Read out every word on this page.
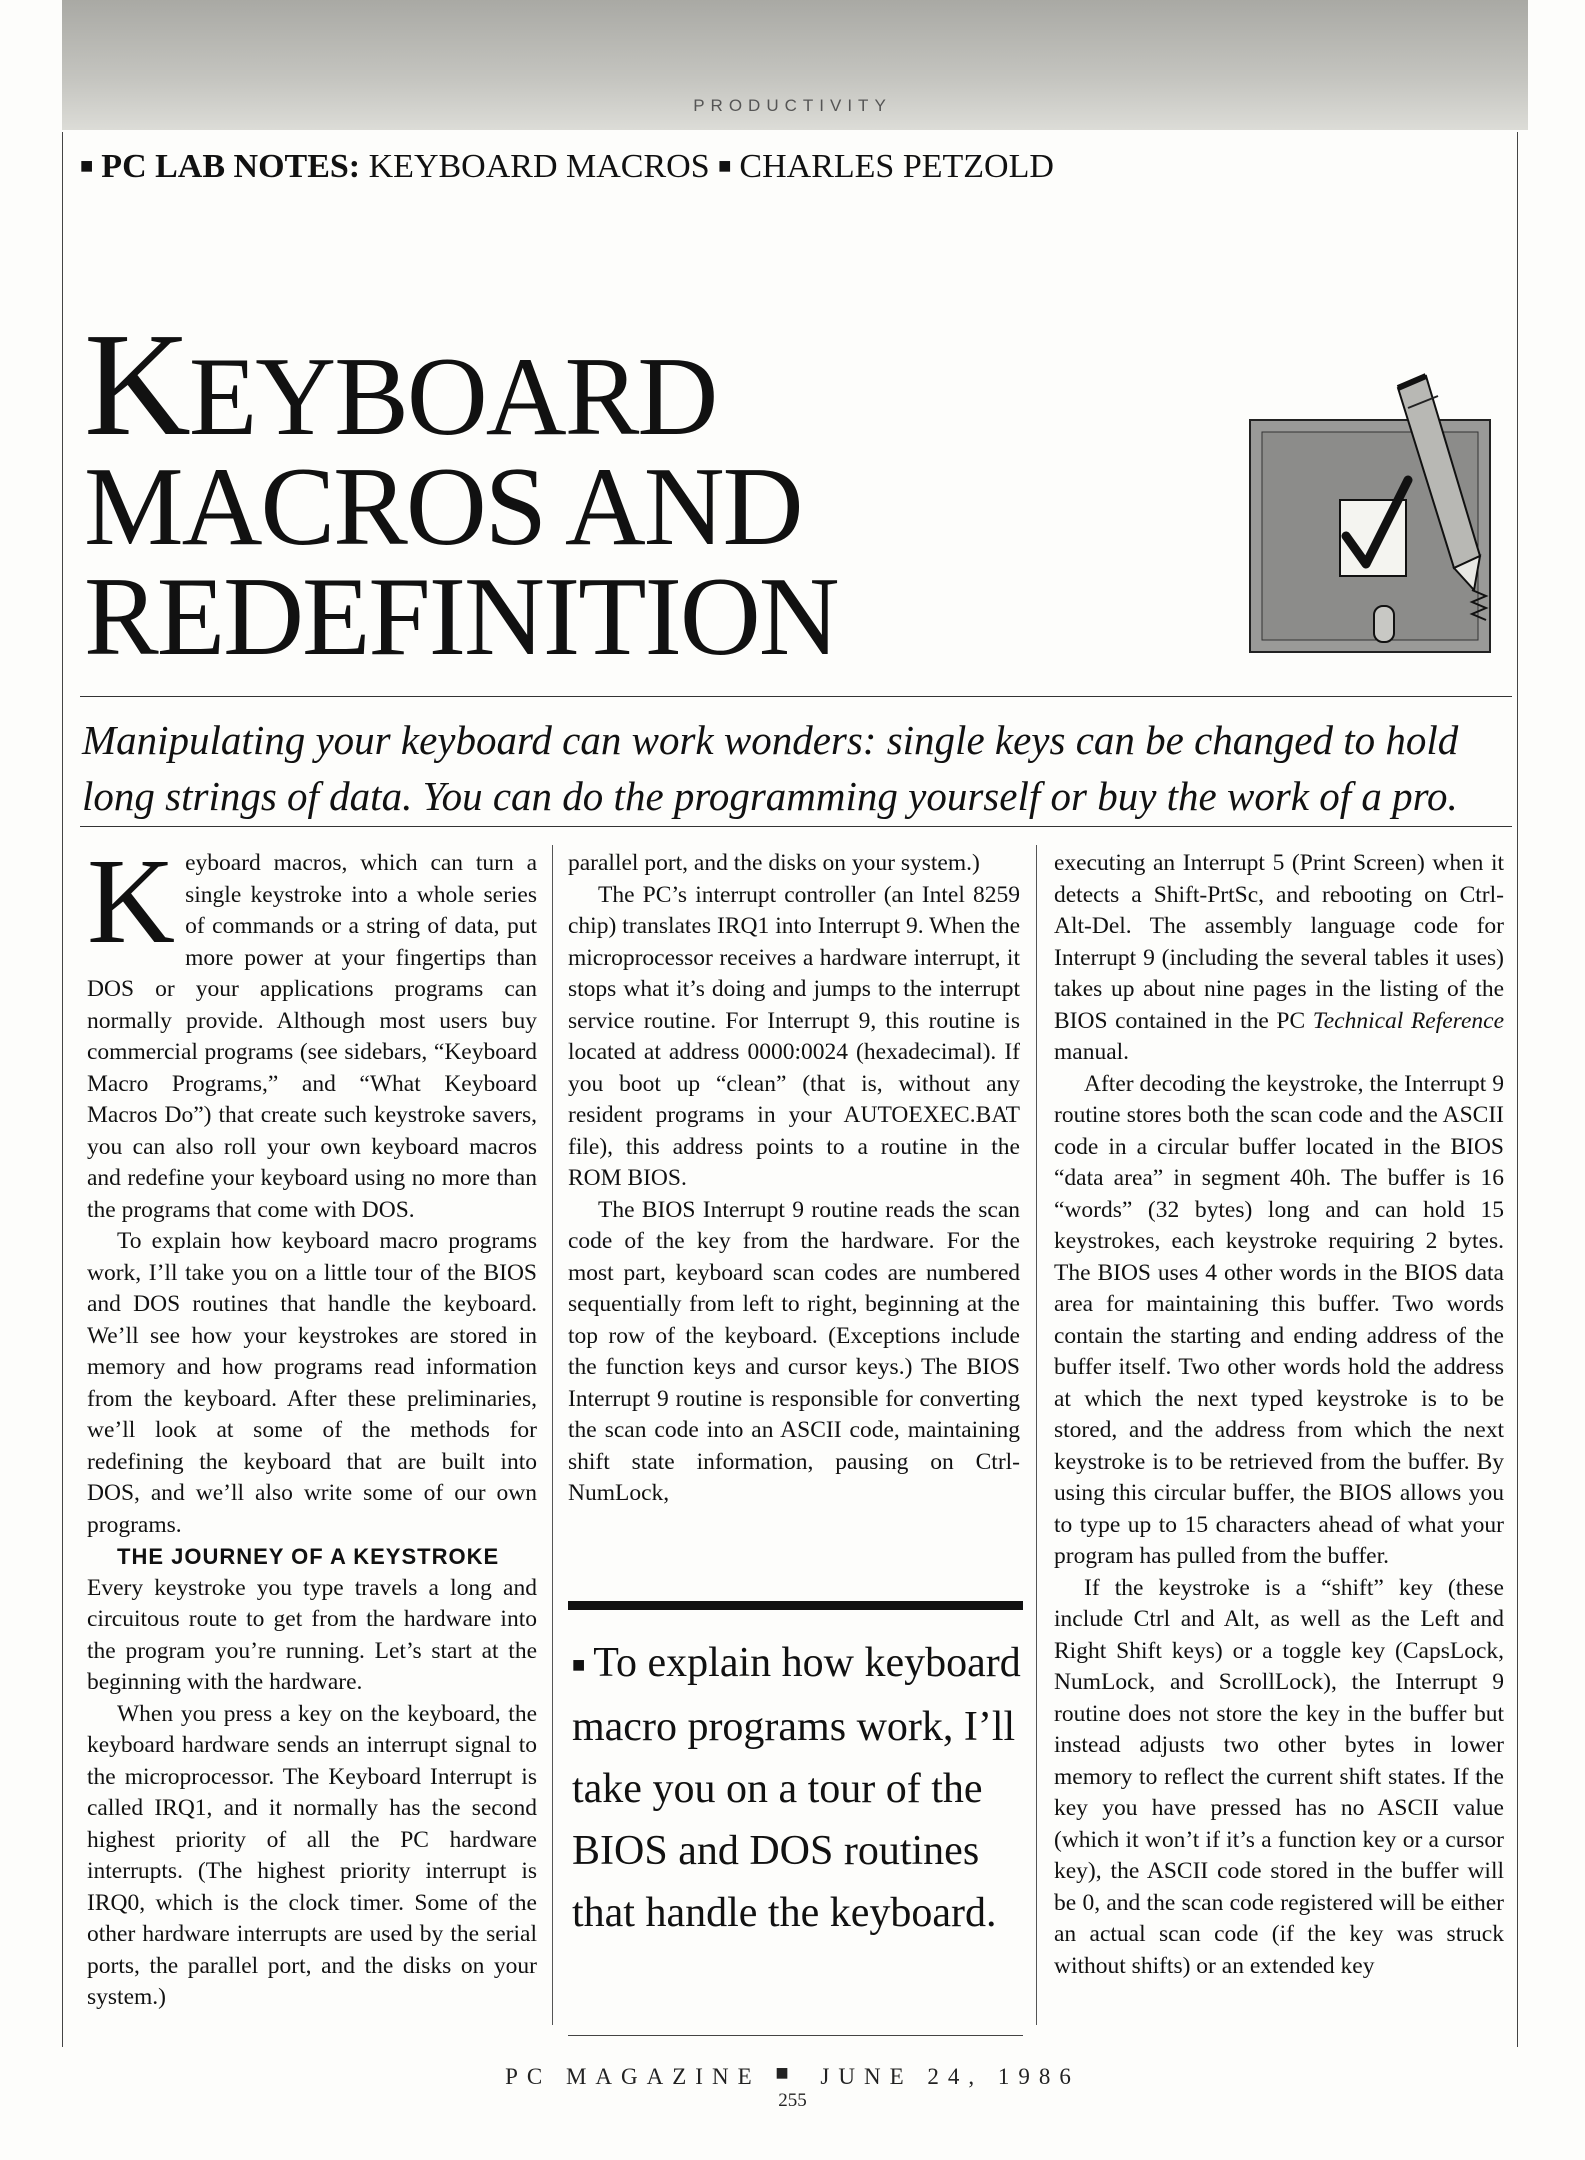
PRODUCTIVITY
■ PC LAB NOTES: KEYBOARD MACROS ■ CHARLES PETZOLD
KEYBOARD
MACROS AND
REDEFINITION
Manipulating your keyboard can work wonders: single keys can be changed to hold long strings of data. You can do the programming yourself or buy the work of a pro.

Keyboard macros, which can turn a single keystroke into a whole series of commands or a string of data, put more power at your fingertips than DOS or your applications programs can normally provide. Although most users buy commercial programs (see sidebars, “Keyboard Macro Programs,” and “What Keyboard Macros Do”) that create such keystroke savers, you can also roll your own keyboard macros and redefine your keyboard using no more than the programs that come with DOS.

To explain how keyboard macro programs work, I’ll take you on a little tour of the BIOS and DOS routines that handle the keyboard. We’ll see how your keystrokes are stored in memory and how programs read information from the keyboard. After these preliminaries, we’ll look at some of the methods for redefining the keyboard that are built into DOS, and we’ll also write some of our own programs.

THE JOURNEY OF A KEYSTROKE

Every keystroke you type travels a long and circuitous route to get from the hardware into the program you’re running. Let’s start at the beginning with the hardware.

When you press a key on the keyboard, the keyboard hardware sends an interrupt signal to the microprocessor. The Keyboard Interrupt is called IRQ1, and it normally has the second highest priority of all the PC hardware interrupts. (The highest priority interrupt is IRQ0, which is the clock timer. Some of the other hardware interrupts are used by the serial ports, the parallel port, and the disks on your system.)

parallel port, and the disks on your system.)

The PC’s interrupt controller (an Intel 8259 chip) translates IRQ1 into Interrupt 9. When the microprocessor receives a hardware interrupt, it stops what it’s doing and jumps to the interrupt service routine. For Interrupt 9, this routine is located at address 0000:0024 (hexadecimal). If you boot up “clean” (that is, without any resident programs in your AUTOEXEC.BAT file), this address points to a routine in the ROM BIOS.

The BIOS Interrupt 9 routine reads the scan code of the key from the hardware. For the most part, keyboard scan codes are numbered sequentially from left to right, beginning at the top row of the keyboard. (Exceptions include the function keys and cursor keys.) The BIOS Interrupt 9 routine is responsible for converting the scan code into an ASCII code, maintaining shift state information, pausing on Ctrl-NumLock,

■ To explain how keyboard macro programs work, I’ll take you on a tour of the BIOS and DOS routines that handle the keyboard.

executing an Interrupt 5 (Print Screen) when it detects a Shift-PrtSc, and rebooting on Ctrl-Alt-Del. The assembly language code for Interrupt 9 (including the several tables it uses) takes up about nine pages in the listing of the BIOS contained in the PC Technical Reference manual.

After decoding the keystroke, the Interrupt 9 routine stores both the scan code and the ASCII code in a circular buffer located in the BIOS “data area” in segment 40h. The buffer is 16 “words” (32 bytes) long and can hold 15 keystrokes, each keystroke requiring 2 bytes. The BIOS uses 4 other words in the BIOS data area for maintaining this buffer. Two words contain the starting and ending address of the buffer itself. Two other words hold the address at which the next typed keystroke is to be stored, and the address from which the next keystroke is to be retrieved from the buffer. By using this circular buffer, the BIOS allows you to type up to 15 characters ahead of what your program has pulled from the buffer.

If the keystroke is a “shift” key (these include Ctrl and Alt, as well as the Left and Right Shift keys) or a toggle key (CapsLock, NumLock, and ScrollLock), the Interrupt 9 routine does not store the key in the buffer but instead adjusts two other bytes in lower memory to reflect the current shift states. If the key you have pressed has no ASCII value (which it won’t if it’s a function key or a cursor key), the ASCII code stored in the buffer will be 0, and the scan code registered will be either an actual scan code (if the key was struck without shifts) or an extended key

PC MAGAZINE ■ JUNE 24, 1986
255
